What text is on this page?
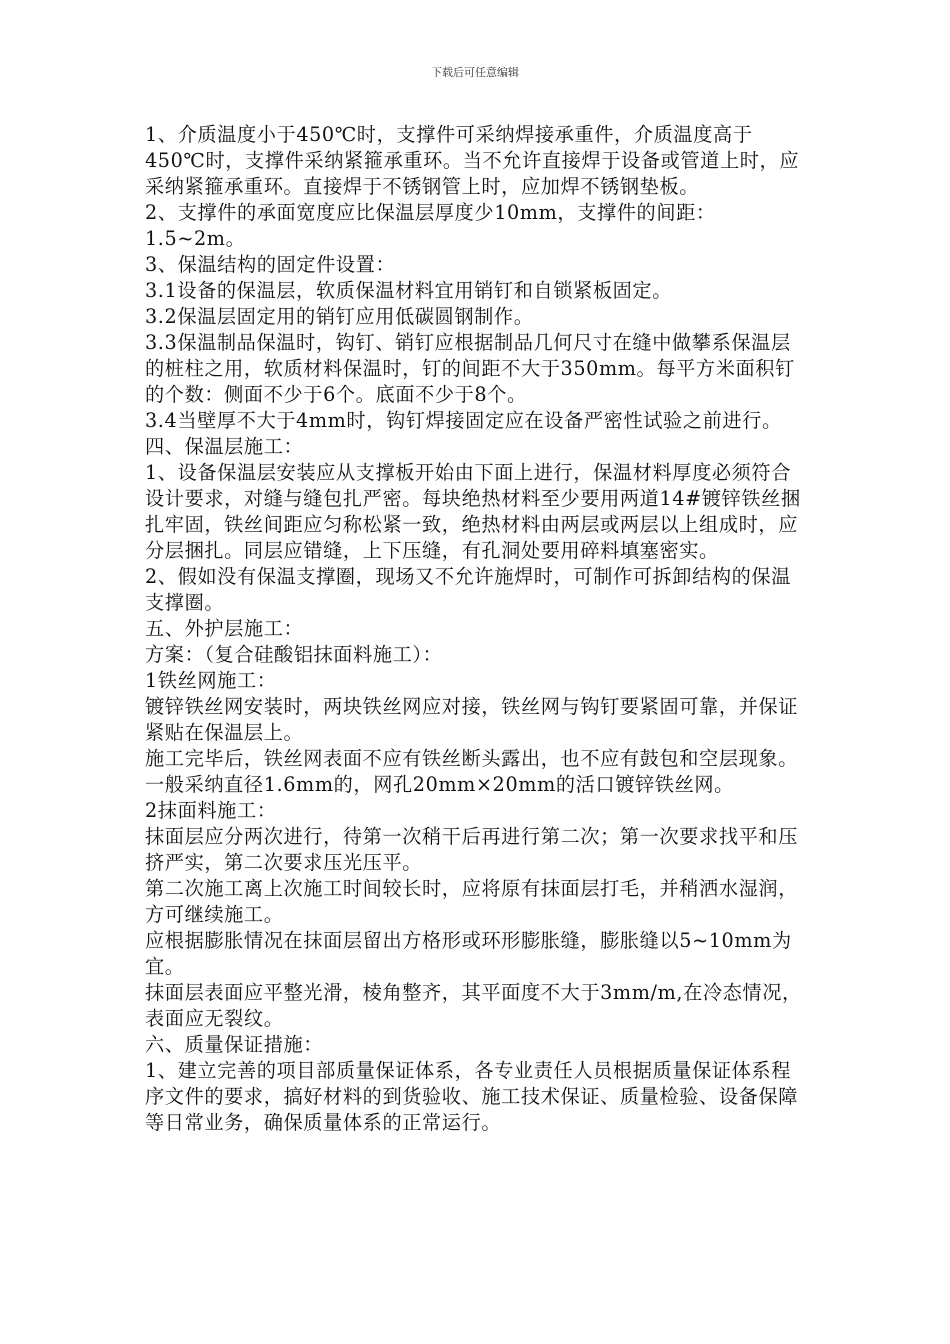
下载后可任意编辑

1、介质温度小于450℃时，支撑件可采纳焊接承重件，介质温度高于450℃时，支撑件采纳紧箍承重环。当不允许直接焊于设备或管道上时，应采纳紧箍承重环。直接焊于不锈钢管上时，应加焊不锈钢垫板。

2、支撑件的承面宽度应比保温层厚度少10mm，支撑件的间距：1.5~2m。

3、保温结构的固定件设置：

3.1设备的保温层，软质保温材料宜用销钉和自锁紧板固定。

3.2保温层固定用的销钉应用低碳圆钢制作。

3.3保温制品保温时，钩钉、销钉应根据制品几何尺寸在缝中做攀系保温层的桩柱之用，软质材料保温时，钉的间距不大于350mm。每平方米面积钉的个数：侧面不少于6个。底面不少于8个。

3.4当壁厚不大于4mm时，钩钉焊接固定应在设备严密性试验之前进行。

四、保温层施工：

1、设备保温层安装应从支撑板开始由下面上进行，保温材料厚度必须符合设计要求，对缝与缝包扎严密。每块绝热材料至少要用两道14#镀锌铁丝捆扎牢固，铁丝间距应匀称松紧一致，绝热材料由两层或两层以上组成时，应分层捆扎。同层应错缝，上下压缝，有孔洞处要用碎料填塞密实。

2、假如没有保温支撑圈，现场又不允许施焊时，可制作可拆卸结构的保温支撑圈。

五、外护层施工：

方案：（复合硅酸铝抹面料施工）：

1铁丝网施工：

镀锌铁丝网安装时，两块铁丝网应对接，铁丝网与钩钉要紧固可靠，并保证紧贴在保温层上。

施工完毕后，铁丝网表面不应有铁丝断头露出，也不应有鼓包和空层现象。一般采纳直径1.6mm的，网孔20mm×20mm的活口镀锌铁丝网。

2抹面料施工：

抹面层应分两次进行，待第一次稍干后再进行第二次；第一次要求找平和压挤严实，第二次要求压光压平。

第二次施工离上次施工时间较长时，应将原有抹面层打毛，并稍洒水湿润，方可继续施工。

应根据膨胀情况在抹面层留出方格形或环形膨胀缝，膨胀缝以5~10mm为宜。

抹面层表面应平整光滑，棱角整齐，其平面度不大于3mm/m,在冷态情况，表面应无裂纹。

六、质量保证措施：

1、建立完善的项目部质量保证体系，各专业责任人员根据质量保证体系程序文件的要求，搞好材料的到货验收、施工技术保证、质量检验、设备保障等日常业务，确保质量体系的正常运行。
